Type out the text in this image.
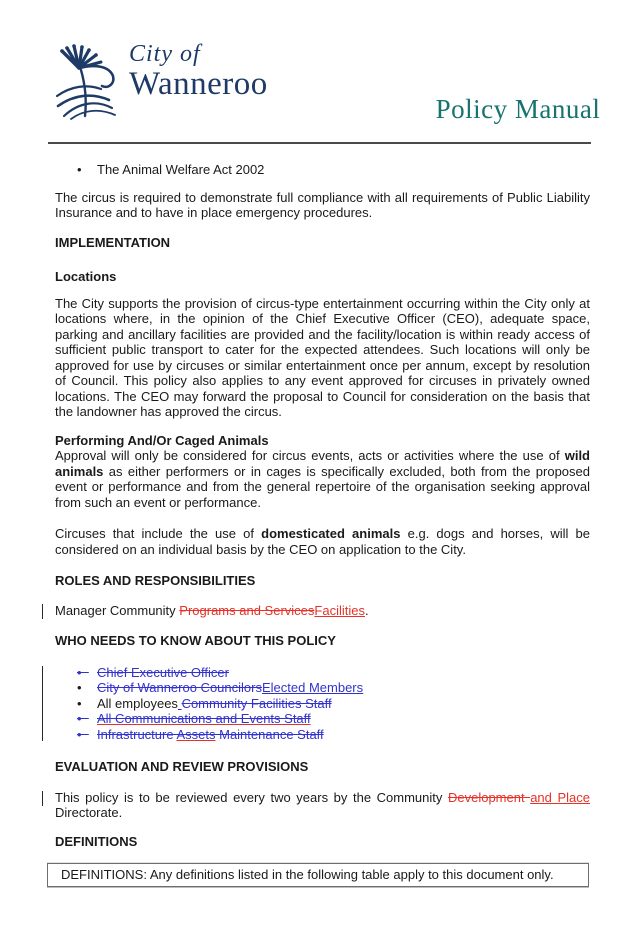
City of
Wanneroo
Policy Manual
•	The Animal Welfare Act 2002

The circus is required to demonstrate full compliance with all requirements of Public Liability Insurance and to have in place emergency procedures.

IMPLEMENTATION

Locations

The City supports the provision of circus-type entertainment occurring within the City only at locations where, in the opinion of the Chief Executive Officer (CEO), adequate space, parking and ancillary facilities are provided and the facility/location is within ready access of sufficient public transport to cater for the expected attendees. Such locations will only be approved for use by circuses or similar entertainment once per annum, except by resolution of Council. This policy also applies to any event approved for circuses in privately owned locations. The CEO may forward the proposal to Council for consideration on the basis that the landowner has approved the circus.

Performing And/Or Caged Animals

Approval will only be considered for circus events, acts or activities where the use of wild animals as either performers or in cages is specifically excluded, both from the proposed event or performance and from the general repertoire of the organisation seeking approval from such an event or performance.

Circuses that include the use of domesticated animals e.g. dogs and horses, will be considered on an individual basis by the CEO on application to the City.

ROLES AND RESPONSIBILITIES

Manager Community Programs and ServicesFacilities.

WHO NEEDS TO KNOW ABOUT THIS POLICY

• Chief Executive Officer
• City of Wanneroo CouncilorsElected Members
• All employees Community Facilities Staff
• All Communications and Events Staff
• Infrastructure Assets Maintenance Staff

EVALUATION AND REVIEW PROVISIONS

This policy is to be reviewed every two years by the Community Development and Place Directorate.

DEFINITIONS

DEFINITIONS: Any definitions listed in the following table apply to this document only.
